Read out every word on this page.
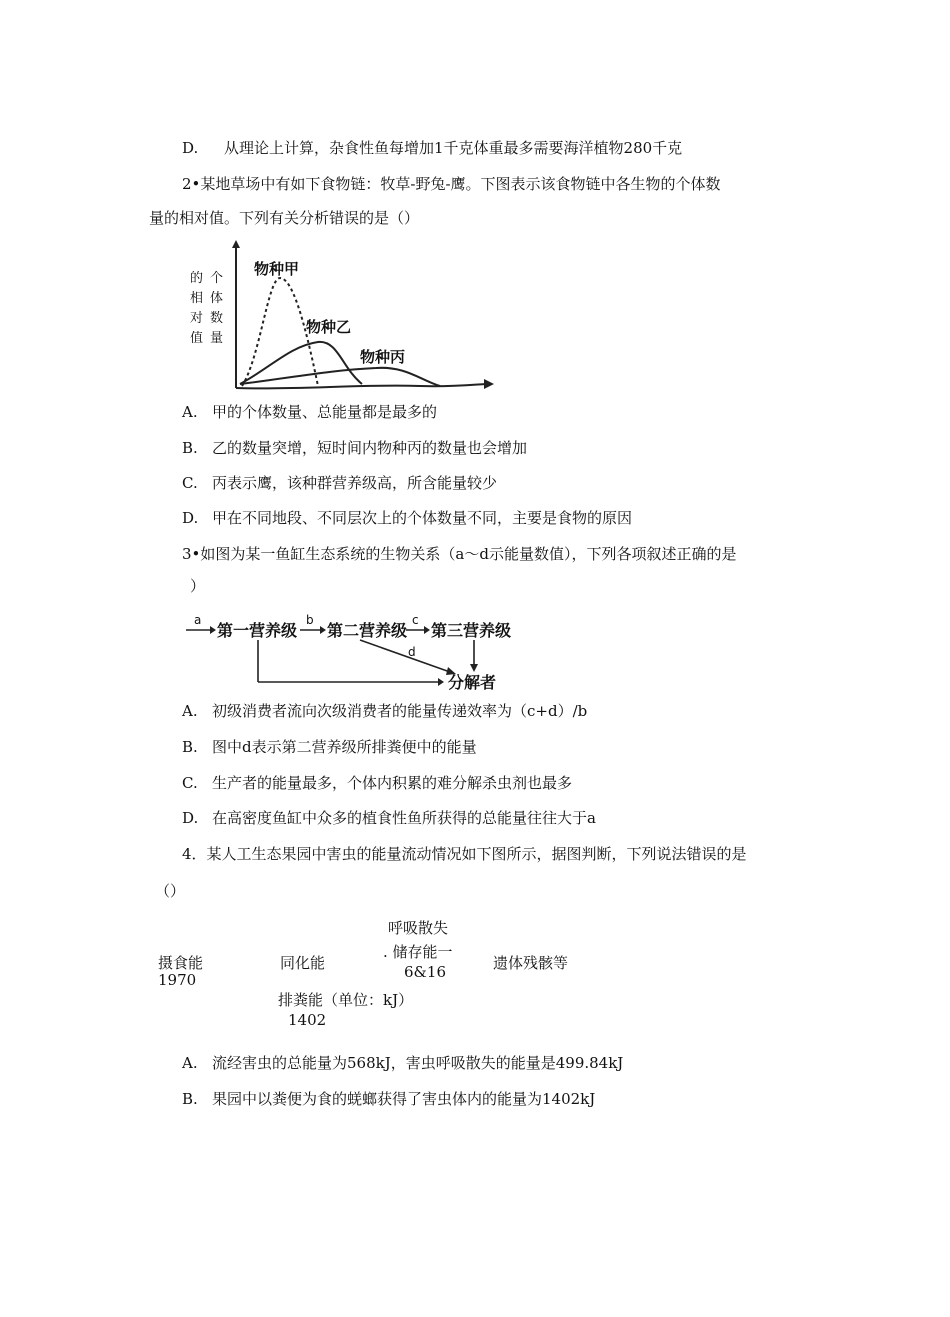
D. 从理论上计算，杂食性鱼每增加1千克体重最多需要海洋植物280千克
2•某地草场中有如下食物链：牧草-野兔-鹰。下图表示该食物链中各生物的个体数
量的相对值。下列有关分析错误的是（）
的
相
对
值
个
体
数
量
物种甲
物种乙
物种丙
A. 甲的个体数量、总能量都是最多的
B. 乙的数量突增，短时间内物种丙的数量也会增加
C. 丙表示鹰，该种群营养级高，所含能量较少
D. 甲在不同地段、不同层次上的个体数量不同，主要是食物的原因
3•如图为某一鱼缸生态系统的生物关系（a～d示能量数值），下列各项叙述正确的是
）
a	b	c
d
第一营养级 第二营养级 第三营养级
分解者
A. 初级消费者流向次级消费者的能量传递效率为（c+d）/b
B. 图中d表示第二营养级所排粪便中的能量
C. 生产者的能量最多，个体内积累的难分解杀虫剂也最多
D. 在高密度鱼缸中众多的植食性鱼所获得的总能量往往大于a
4．某人工生态果园中害虫的能量流动情况如下图所示，据图判断，下列说法错误的是
（）
呼吸散失
. 储存能一
6&16
摄食能
1970
同化能	遗体残骸等
排粪能（单位：kJ）
1402
A. 流经害虫的总能量为568kJ，害虫呼吸散失的能量是499.84kJ
B. 果园中以粪便为食的蜣螂获得了害虫体内的能量为1402kJ
